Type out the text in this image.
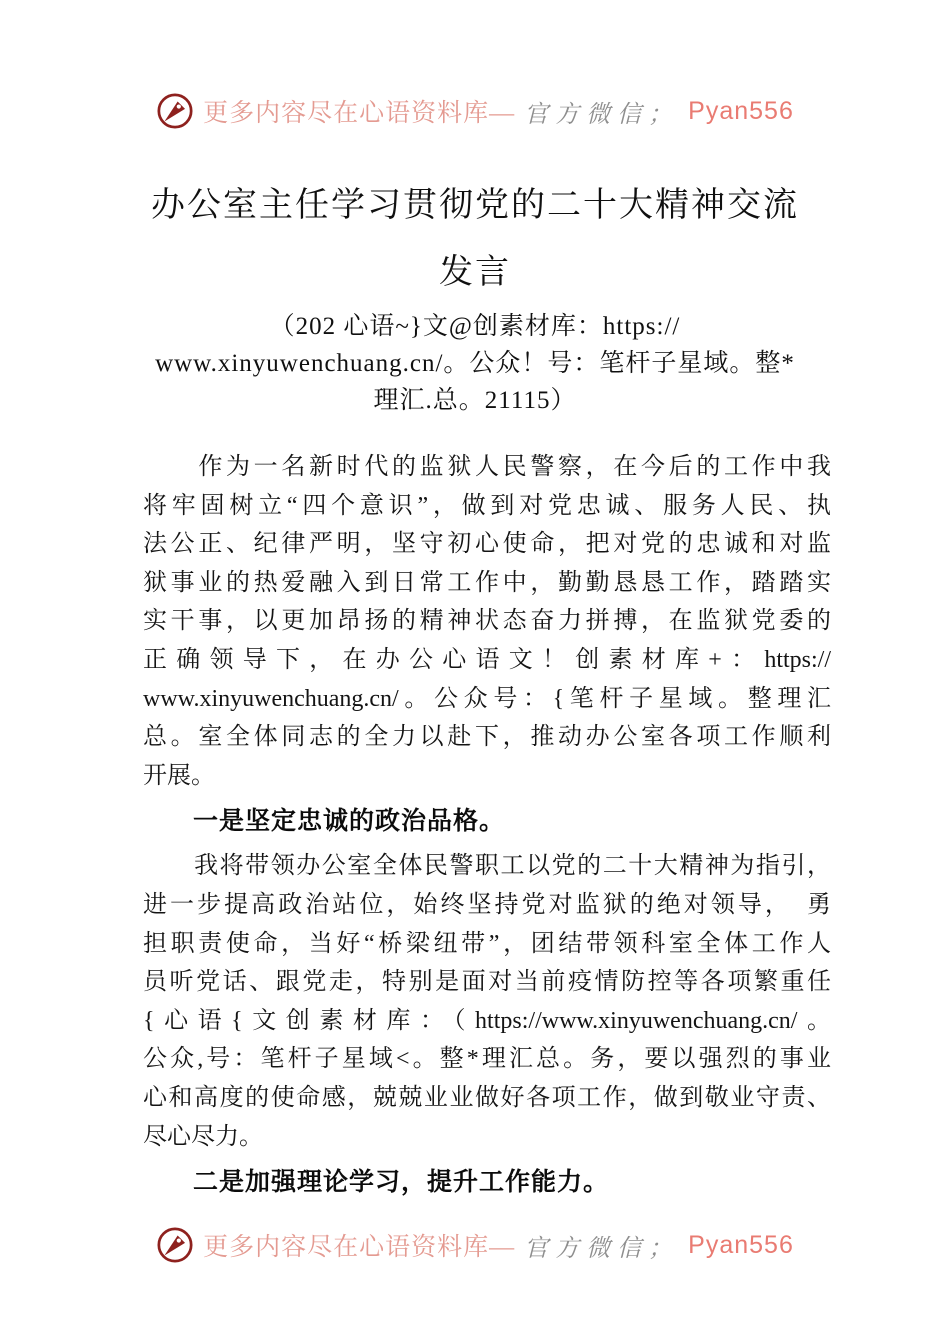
更多内容尽在心语资料库— 官方微信； Pyan556
办公室主任学习贯彻党的二十大精神交流
发言
（202 心语~}文@创素材库：https://
www.xinyuwenchuang.cn/。公众！号：笔杆子星域。整*
理汇.总。21115）
　　作为一名新时代的监狱人民警察，在今后的工作中我
将牢固树立“四个意识”，做到对党忠诚、服务人民、执
法公正、纪律严明，坚守初心使命，把对党的忠诚和对监
狱事业的热爱融入到日常工作中，勤勤恳恳工作，踏踏实
实干事，以更加昂扬的精神状态奋力拼搏，在监狱党委的
正确领导下，在办公心语文！创素材库+：https://
www.xinyuwenchuang.cn/。公众号：{笔杆子星域。整理汇
总。室全体同志的全力以赴下，推动办公室各项工作顺利
开展。
一是坚定忠诚的政治品格。
　　我将带领办公室全体民警职工以党的二十大精神为指引，
进一步提高政治站位，始终坚持党对监狱的绝对领导，　勇
担职责使命，当好“桥梁纽带”，团结带领科室全体工作人
员听党话、跟党走，特别是面对当前疫情防控等各项繁重任
{心语{文创素材库：（https://www.xinyuwenchuang.cn/。
公众,号：笔杆子星域<。整*理汇总。务，要以强烈的事业
心和高度的使命感，兢兢业业做好各项工作，做到敬业守责、
尽心尽力。
二是加强理论学习，提升工作能力。
更多内容尽在心语资料库— 官方微信； Pyan556
